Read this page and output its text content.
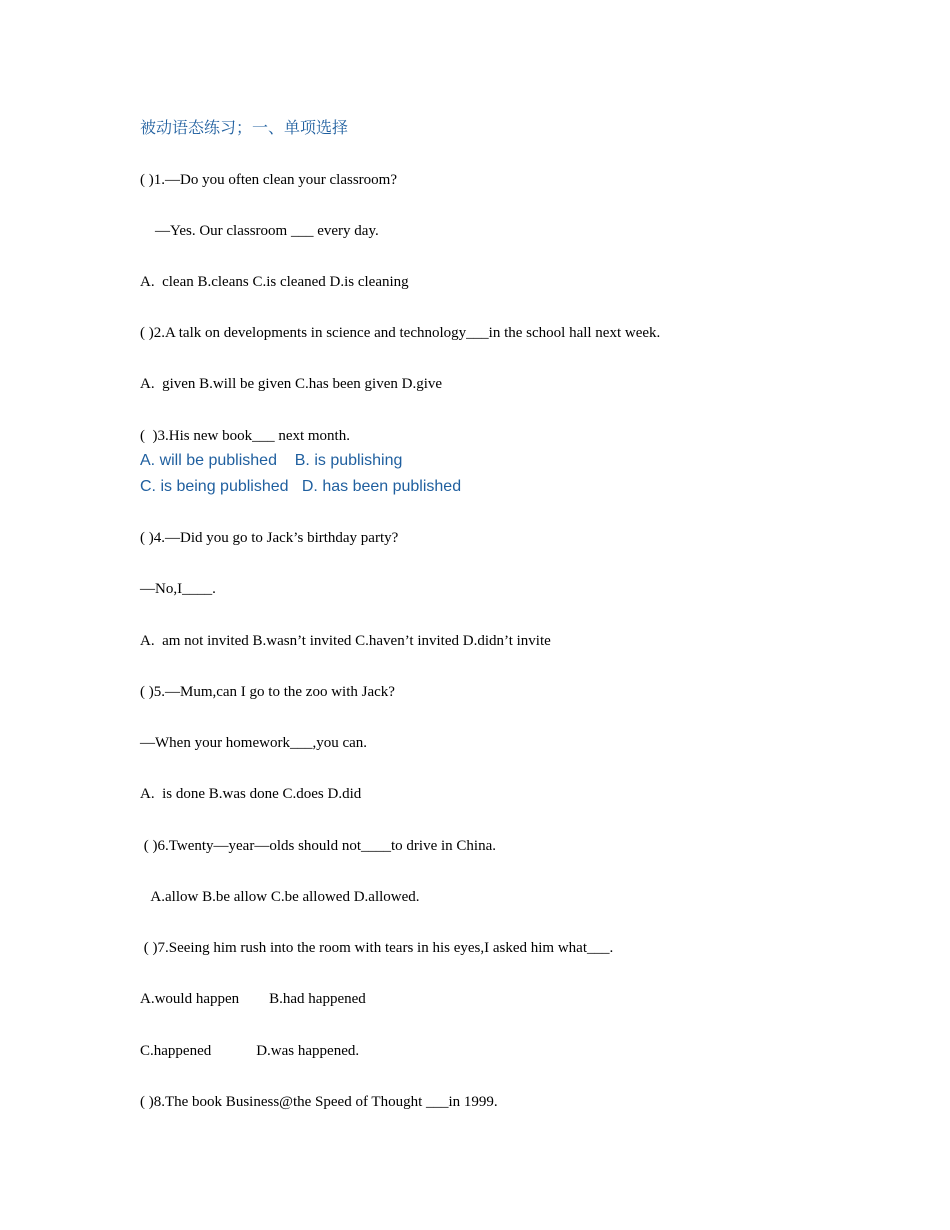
被动语态练习；一、单项选择
( )1.—Do you often clean your classroom?
—Yes. Our classroom ___ every day.
A.  clean B.cleans C.is cleaned D.is cleaning
( )2.A talk on developments in science and technology___in the school hall next week.
A.  given B.will be given C.has been given D.give
(  )3.His new book___ next month.
A. will be published    B. is publishing
C. is being published   D. has been published
( )4.—Did you go to Jack’s birthday party?
—No,I____.
A.  am not invited B.wasn’t invited C.haven’t invited D.didn’t invite
( )5.—Mum,can I go to the zoo with Jack?
—When your homework___,you can.
A.  is done B.was done C.does D.did
( )6.Twenty—year—olds should not____to drive in China.
A.allow B.be allow C.be allowed D.allowed.
( )7.Seeing him rush into the room with tears in his eyes,I asked him what___.
A.would happen        B.had happened
C.happened            D.was happened.
( )8.The book Business@the Speed of Thought ___in 1999.
